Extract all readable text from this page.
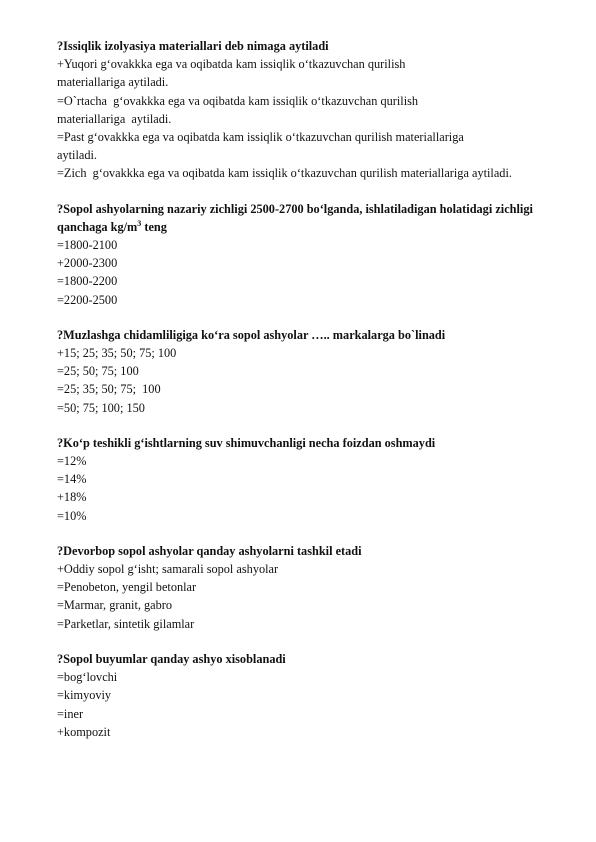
?Issiqlik izolyasiya materiallari deb nimaga aytiladi
+Yuqori g‘ovakkka ega va oqibatda kam issiqlik o‘tkazuvchan qurilish materiallariga aytiladi.
=O`rtacha  g‘ovakkka ega va oqibatda kam issiqlik o‘tkazuvchan qurilish materiallariga  aytiladi.
=Past g‘ovakkka ega va oqibatda kam issiqlik o‘tkazuvchan qurilish materiallariga aytiladi.
=Zich  g‘ovakkka ega va oqibatda kam issiqlik o‘tkazuvchan qurilish materiallariga aytiladi.
?Sopol ashyolarning nazariy zichligi 2500-2700 bo‘lganda, ishlatiladigan holatidagi zichligi qanchaga $kg/m^3$ teng
=1800-2100
+2000-2300
=1800-2200
=2200-2500
?Muzlashga chidamliligiga ko‘ra sopol ashyolar ….. markalarga bo`linadi
+15; 25; 35; 50; 75; 100
=25; 50; 75; 100
=25; 35; 50; 75;  100
=50; 75; 100; 150
?Ko‘p teshikli g‘ishtlarning suv shimuvchanligi necha foizdan oshmaydi
=12%
=14%
+18%
=10%
?Devorbop sopol ashyolar qanday ashyolarni tashkil etadi
+Oddiy sopol g‘isht; samarali sopol ashyolar
=Penobeton, yengil betonlar
=Marmar, granit, gabro
=Parketlar, sintetik gilamlar
?Sopol buyumlar qanday ashyo xisoblanadi
=bog‘lovchi
=kimyoviy
=iner
+kompozit
